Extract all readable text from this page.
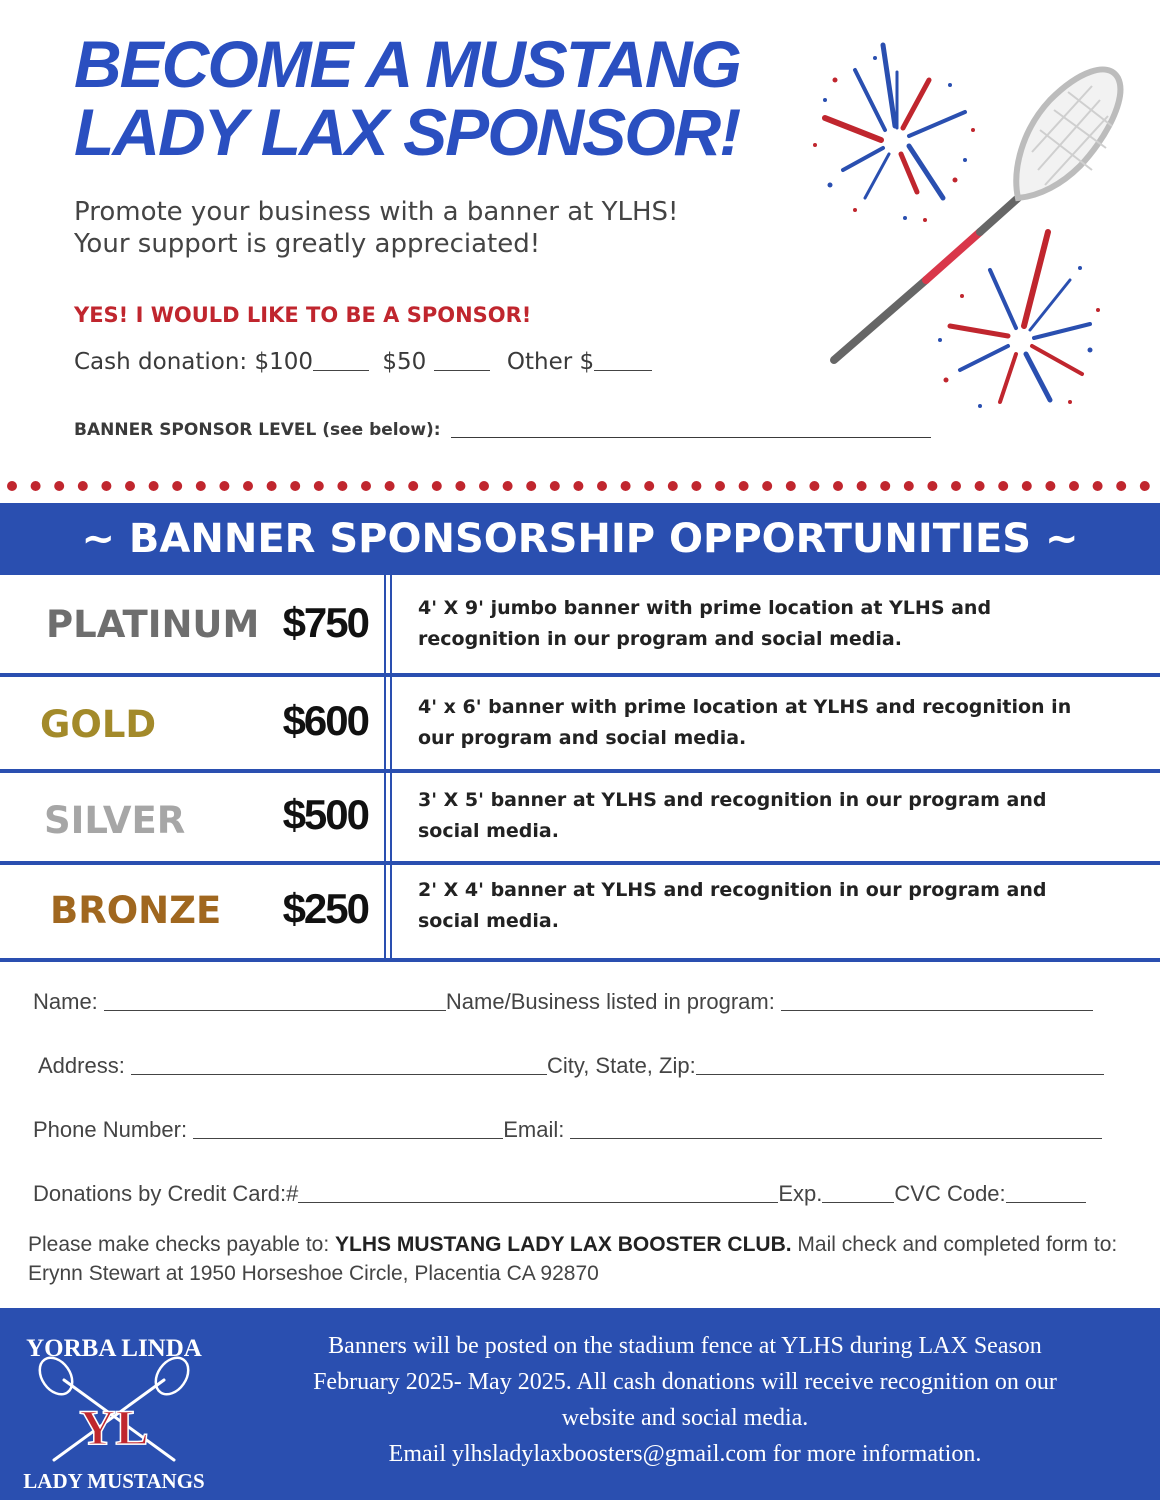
BECOME A MUSTANG
LADY LAX SPONSOR!
Promote your business with a banner at YLHS!
Your support is greatly appreciated!
YES! I WOULD LIKE TO BE A SPONSOR!
Cash donation: $100	$50	Other $
BANNER SPONSOR LEVEL (see below):
~ BANNER SPONSORSHIP OPPORTUNITIES ~
PLATINUM $750	4' X 9' jumbo banner with prime location at YLHS and
recognition in our program and social media.
GOLD	$600	4' x 6' banner with prime location at YLHS and recognition in
our program and social media.
SILVER	$500	3' X 5' banner at YLHS and recognition in our program and
social media.
BRONZE	$250	2' X 4' banner at YLHS and recognition in our program and
social media.
Name:	Name/Business listed in program:
Address:	City, State, Zip:
Phone Number:	Email:
Donations by Credit Card:#	Exp.	CVC Code:
Please make checks payable to: YLHS MUSTANG LADY LAX BOOSTER CLUB. Mail check and completed form to: Erynn Stewart at 1950 Horseshoe Circle, Placentia CA 92870
YORBA LINDA
YL
LADY MUSTANGS
Banners will be posted on the stadium fence at YLHS during LAX Season
February 2025- May 2025. All cash donations will receive recognition on our
website and social media.
Email ylhsladylaxboosters@gmail.com for more information.
